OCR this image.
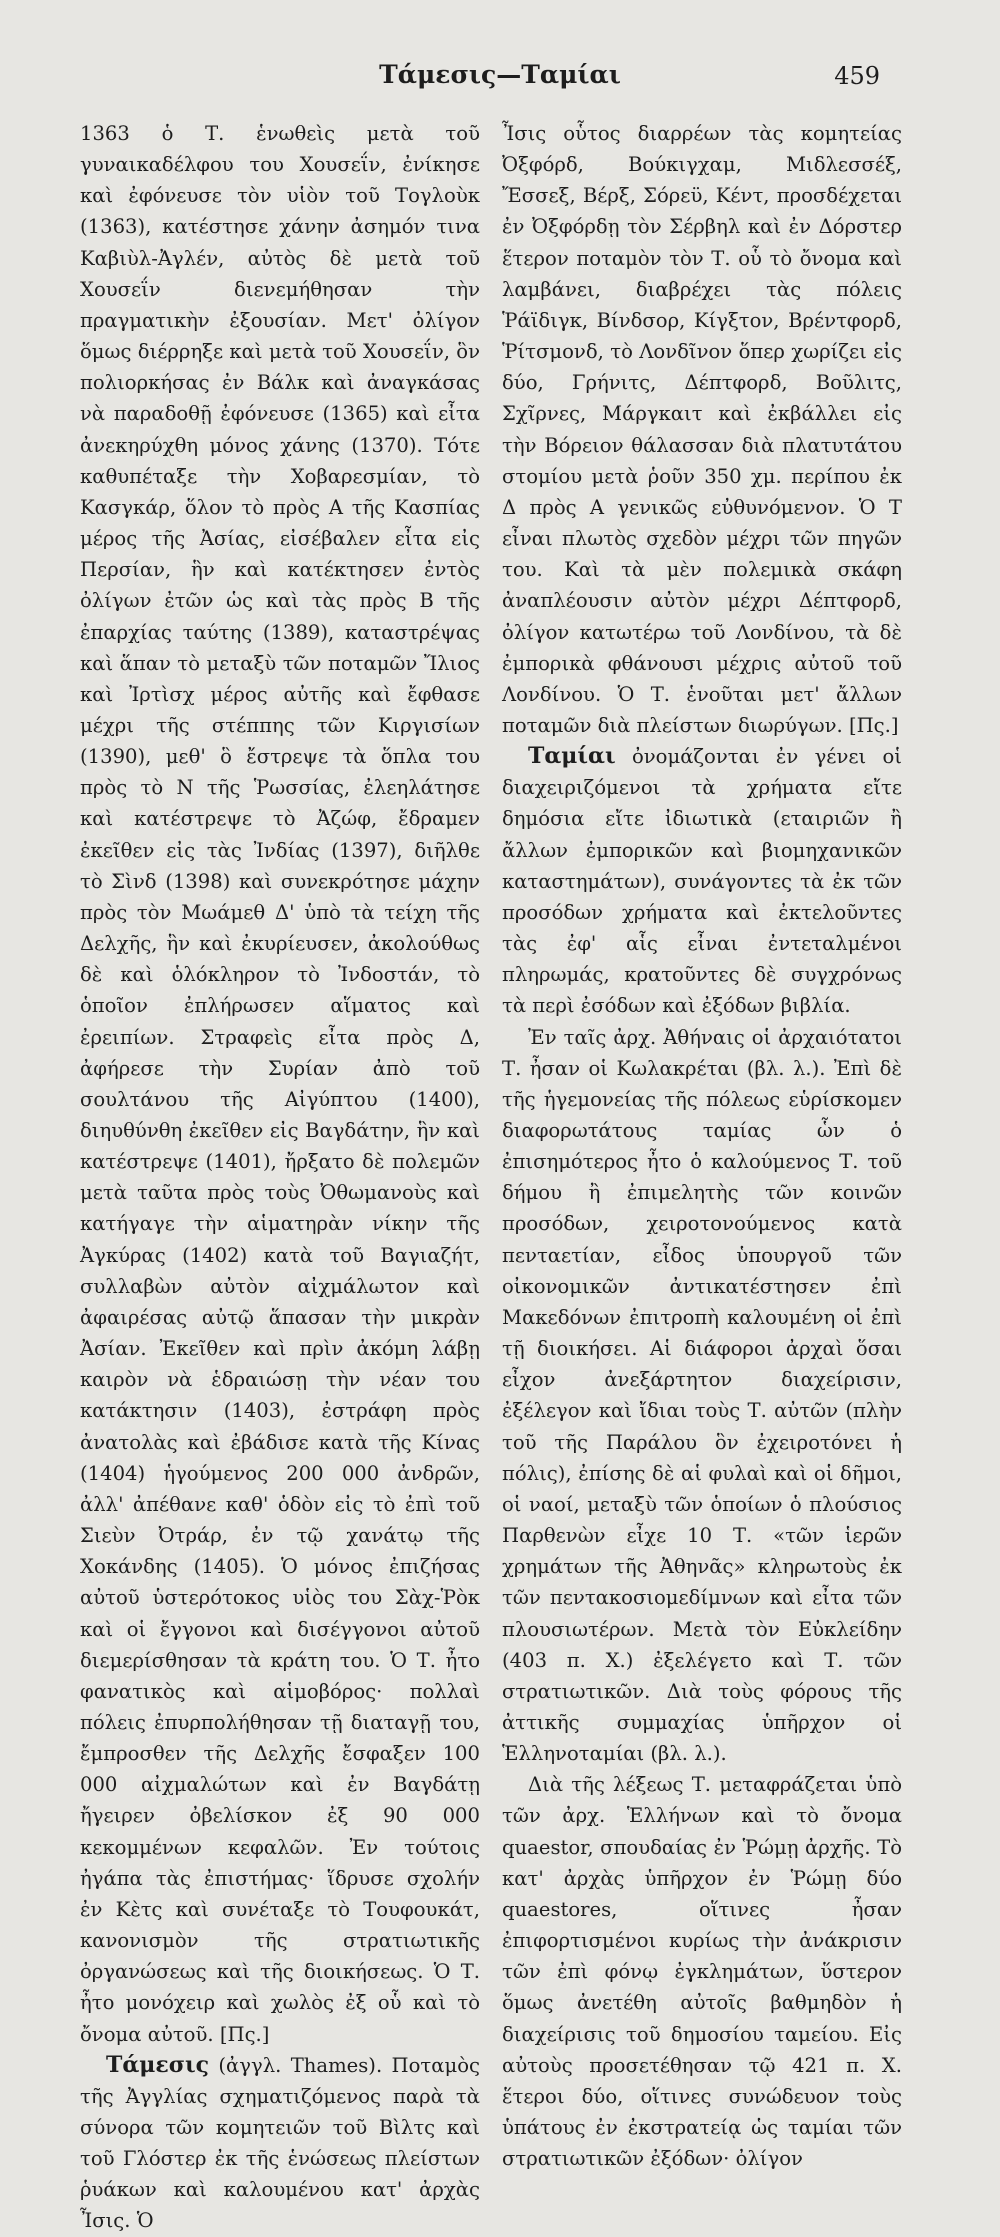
Τάμεσις—Ταμίαι	459

1363 ὁ Τ. ἑνωθεὶς μετὰ τοῦ γυναικαδέλφου του Χουσεΐν, ἐνίκησε καὶ ἐφόνευσε τὸν υἱὸν τοῦ Τογλοὺκ (1363), κατέστησε χάνην ἀσημόν τινα Καβιὺλ-Ἀγλέν, αὐτὸς δὲ μετὰ τοῦ Χουσεΐν διενεμήθησαν τὴν πραγματικὴν ἐξουσίαν. Μετ' ὀλίγον ὅμως διέρρηξε καὶ μετὰ τοῦ Χουσεΐν, ὃν πολιορκήσας ἐν Βάλκ καὶ ἀναγκάσας νὰ παραδοθῇ ἐφόνευσε (1365) καὶ εἶτα ἀνεκηρύχθη μόνος χάνης (1370). Τότε καθυπέταξε τὴν Χοβαρεσμίαν, τὸ Κασγκάρ, ὅλον τὸ πρὸς Α τῆς Κασπίας μέρος τῆς Ἀσίας, εἰσέβαλεν εἶτα εἰς Περσίαν, ἣν καὶ κατέκτησεν ἐντὸς ὀλίγων ἐτῶν ὡς καὶ τὰς πρὸς Β τῆς ἐπαρχίας ταύτης (1389), καταστρέψας καὶ ἅπαν τὸ μεταξὺ τῶν ποταμῶν Ἴλιος καὶ Ἰρτὶσχ μέρος αὐτῆς καὶ ἔφθασε μέχρι τῆς στέππης τῶν Κιργισίων (1390), μεθ' ὃ ἔστρεψε τὰ ὅπλα του πρὸς τὸ Ν τῆς Ῥωσσίας, ἐλεηλάτησε καὶ κατέστρεψε τὸ Ἀζώφ, ἔδραμεν ἐκεῖθεν εἰς τὰς Ἰνδίας (1397), διῆλθε τὸ Σὶνδ (1398) καὶ συνεκρότησε μάχην πρὸς τὸν Μωάμεθ Δ' ὑπὸ τὰ τείχη τῆς Δελχῆς, ἣν καὶ ἐκυρίευσεν, ἀκολούθως δὲ καὶ ὁλόκληρον τὸ Ἰνδοστάν, τὸ ὁποῖον ἐπλήρωσεν αἵματος καὶ ἐρειπίων. Στραφεὶς εἶτα πρὸς Δ, ἀφήρεσε τὴν Συρίαν ἀπὸ τοῦ σουλτάνου τῆς Αἰγύπτου (1400), διηυθύνθη ἐκεῖθεν εἰς Βαγδάτην, ἣν καὶ κατέστρεψε (1401), ἤρξατο δὲ πολεμῶν μετὰ ταῦτα πρὸς τοὺς Ὀθωμανοὺς καὶ κατήγαγε τὴν αἱματηρὰν νίκην τῆς Ἀγκύρας (1402) κατὰ τοῦ Βαγιαζήτ, συλλαβὼν αὐτὸν αἰχμάλωτον καὶ ἀφαιρέσας αὐτῷ ἅπασαν τὴν μικρὰν Ἀσίαν. Ἐκεῖθεν καὶ πρὶν ἀκόμη λάβῃ καιρὸν νὰ ἑδραιώσῃ τὴν νέαν του κατάκτησιν (1403), ἐστράφη πρὸς ἀνατολὰς καὶ ἐβάδισε κατὰ τῆς Κίνας (1404) ἡγούμενος 200 000 ἀνδρῶν, ἀλλ' ἀπέθανε καθ' ὁδὸν εἰς τὸ ἐπὶ τοῦ Σιεὺν Ὀτράρ, ἐν τῷ χανάτῳ τῆς Χοκάνδης (1405). Ὁ μόνος ἐπιζήσας αὐτοῦ ὑστερότοκος υἱὸς του Σὰχ-Ῥὸκ καὶ οἱ ἔγγονοι καὶ δισέγγονοι αὐτοῦ διεμερίσθησαν τὰ κράτη του. Ὁ Τ. ἦτο φανατικὸς καὶ αἱμοβόρος· πολλαὶ πόλεις ἐπυρπολήθησαν τῇ διαταγῇ του, ἔμπροσθεν τῆς Δελχῆς ἔσφαξεν 100 000 αἰχμαλώτων καὶ ἐν Βαγδάτῃ ἤγειρεν ὀβελίσκον ἐξ 90 000 κεκομμένων κεφαλῶν. Ἐν τούτοις ἠγάπα τὰς ἐπιστήμας· ἵδρυσε σχολήν ἐν Κὲτς καὶ συνέταξε τὸ Τουφουκάτ, κανονισμὸν τῆς στρατιωτικῆς ὀργανώσεως καὶ τῆς διοικήσεως. Ὁ Τ. ἦτο μονόχειρ καὶ χωλὸς ἐξ οὗ καὶ τὸ ὄνομα αὐτοῦ. [Πς.]

Τάμεσις (ἀγγλ. Thames). Ποταμὸς τῆς Ἀγγλίας σχηματιζόμενος παρὰ τὰ σύνορα τῶν κομητειῶν τοῦ Βὶλτς καὶ τοῦ Γλόστερ ἐκ τῆς ἑνώσεως πλείστων ῥυάκων καὶ καλουμένου κατ' ἀρχὰς Ἶσις. Ὁ

Ἶσις οὗτος διαρρέων τὰς κομητείας Ὀξφόρδ, Βούκιγχαμ, Μιδλεσσέξ, Ἔσσεξ, Βέρξ, Σόρεϋ, Κέντ, προσδέχεται ἐν Ὀξφόρδῃ τὸν Σέρβηλ καὶ ἐν Δόρστερ ἕτερον ποταμὸν τὸν Τ. οὗ τὸ ὄνομα καὶ λαμβάνει, διαβρέχει τὰς πόλεις Ῥάϊδιγκ, Βίνδσορ, Κίγξτον, Βρέντφορδ, Ῥίτσμονδ, τὸ Λονδῖνον ὅπερ χωρίζει εἰς δύο, Γρήνιτς, Δέπτφορδ, Βοῦλιτς, Σχῖρνες, Μάργκαιτ καὶ ἐκβάλλει εἰς τὴν Βόρειον θάλασσαν διὰ πλατυτάτου στομίου μετὰ ῥοῦν 350 χμ. περίπου ἐκ Δ πρὸς Α γενικῶς εὐθυνόμενον. Ὁ Τ εἶναι πλωτὸς σχεδὸν μέχρι τῶν πηγῶν του. Καὶ τὰ μὲν πολεμικὰ σκάφη ἀναπλέουσιν αὐτὸν μέχρι Δέπτφορδ, ὀλίγον κατωτέρω τοῦ Λονδίνου, τὰ δὲ ἐμπορικὰ φθάνουσι μέχρις αὐτοῦ τοῦ Λονδίνου. Ὁ Τ. ἑνοῦται μετ' ἄλλων ποταμῶν διὰ πλείστων διωρύγων. [Πς.]

Ταμίαι ὀνομάζονται ἐν γένει οἱ διαχειριζόμενοι τὰ χρήματα εἴτε δημόσια εἴτε ἰδιωτικὰ (εταιριῶν ἢ ἄλλων ἐμπορικῶν καὶ βιομηχανικῶν καταστημάτων), συνάγοντες τὰ ἐκ τῶν προσόδων χρήματα καὶ ἐκτελοῦντες τὰς ἐφ' αἷς εἶναι ἐντεταλμένοι πληρωμάς, κρατοῦντες δὲ συγχρόνως τὰ περὶ ἐσόδων καὶ ἐξόδων βιβλία.

Ἐν ταῖς ἀρχ. Ἀθήναις οἱ ἀρχαιότατοι Τ. ἦσαν οἱ Κωλακρέται (βλ. λ.). Ἐπὶ δὲ τῆς ἡγεμονείας τῆς πόλεως εὑρίσκομεν διαφορωτάτους ταμίας ὧν ὁ ἐπισημότερος ἦτο ὁ καλούμενος Τ. τοῦ δήμου ἢ ἐπιμελητὴς τῶν κοινῶν προσόδων, χειροτονούμενος κατὰ πενταετίαν, εἶδος ὑπουργοῦ τῶν οἰκονομικῶν ἀντικατέστησεν ἐπὶ Μακεδόνων ἐπιτροπὴ καλουμένη οἱ ἐπὶ τῇ διοικήσει. Αἱ διάφοροι ἀρχαὶ ὅσαι εἶχον ἀνεξάρτητον διαχείρισιν, ἐξέλεγον καὶ ἴδιαι τοὺς Τ. αὐτῶν (πλὴν τοῦ τῆς Παράλου ὃν ἐχειροτόνει ἡ πόλις), ἐπίσης δὲ αἱ φυλαὶ καὶ οἱ δῆμοι, οἱ ναοί, μεταξὺ τῶν ὁποίων ὁ πλούσιος Παρθενὼν εἶχε 10 Τ. «τῶν ἱερῶν χρημάτων τῆς Ἀθηνᾶς» κληρωτοὺς ἐκ τῶν πεντακοσιομεδίμνων καὶ εἶτα τῶν πλουσιωτέρων. Μετὰ τὸν Εὐκλείδην (403 π. Χ.) ἐξελέγετο καὶ Τ. τῶν στρατιωτικῶν. Διὰ τοὺς φόρους τῆς ἀττικῆς συμμαχίας ὑπῆρχον οἱ Ἑλληνοταμίαι (βλ. λ.).

Διὰ τῆς λέξεως Τ. μεταφράζεται ὑπὸ τῶν ἀρχ. Ἑλλήνων καὶ τὸ ὄνομα quaestor, σπουδαίας ἐν Ῥώμῃ ἀρχῆς. Τὸ κατ' ἀρχὰς ὑπῆρχον ἐν Ῥώμῃ δύο quaestores, οἵτινες ἦσαν ἐπιφορτισμένοι κυρίως τὴν ἀνάκρισιν τῶν ἐπὶ φόνῳ ἐγκλημάτων, ὕστερον ὅμως ἀνετέθη αὐτοῖς βαθμηδὸν ἡ διαχείρισις τοῦ δημοσίου ταμείου. Εἰς αὐτοὺς προσετέθησαν τῷ 421 π. Χ. ἕτεροι δύο, οἵτινες συνώδευον τοὺς ὑπάτους ἐν ἐκστρατείᾳ ὡς ταμίαι τῶν στρατιωτικῶν ἐξόδων· ὀλίγον
